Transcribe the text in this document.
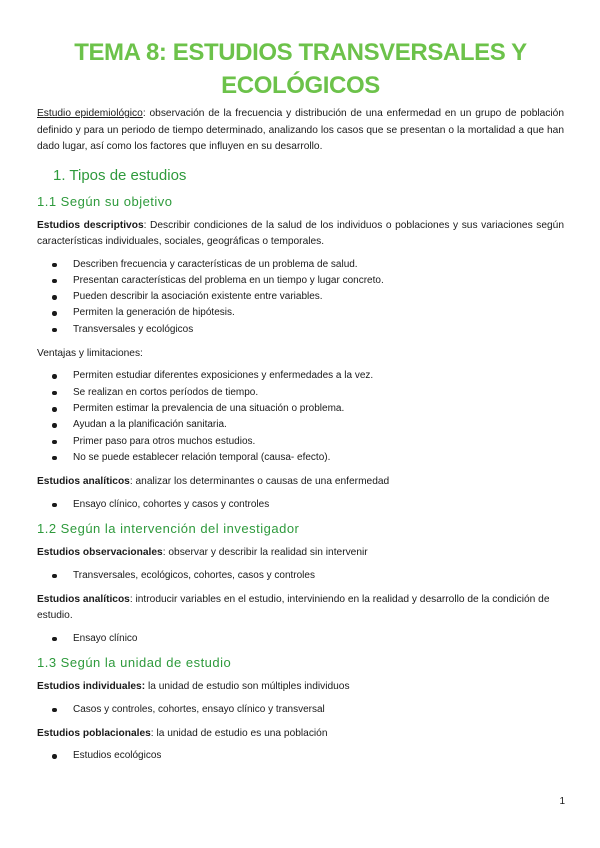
TEMA 8: ESTUDIOS TRANSVERSALES Y ECOLÓGICOS

Estudio epidemiológico: observación de la frecuencia y distribución de una enfermedad en un grupo de población definido y para un periodo de tiempo determinado, analizando los casos que se presentan o la mortalidad a que han dado lugar, así como los factores que influyen en su desarrollo.

1. Tipos de estudios
1.1 Según su objetivo

Estudios descriptivos: Describir condiciones de la salud de los individuos o poblaciones y sus variaciones según características individuales, sociales, geográficas o temporales.

Describen frecuencia y características de un problema de salud.
Presentan características del problema en un tiempo y lugar concreto.
Pueden describir la asociación existente entre variables.
Permiten la generación de hipótesis.
Transversales y ecológicos

Ventajas y limitaciones:

Permiten estudiar diferentes exposiciones y enfermedades a la vez.
Se realizan en cortos períodos de tiempo.
Permiten estimar la prevalencia de una situación o problema.
Ayudan a la planificación sanitaria.
Primer paso para otros muchos estudios.
No se puede establecer relación temporal (causa- efecto).

Estudios analíticos: analizar los determinantes o causas de una enfermedad

Ensayo clínico, cohortes y casos y controles
1.2 Según la intervención del investigador

Estudios observacionales: observar y describir la realidad sin intervenir

Transversales, ecológicos, cohortes, casos y controles

Estudios analíticos: introducir variables en el estudio, interviniendo en la realidad y desarrollo de la condición de estudio.

Ensayo clínico
1.3 Según la unidad de estudio

Estudios individuales: la unidad de estudio son múltiples individuos

Casos y controles, cohortes, ensayo clínico y transversal

Estudios poblacionales: la unidad de estudio es una población

Estudios ecológicos
1
